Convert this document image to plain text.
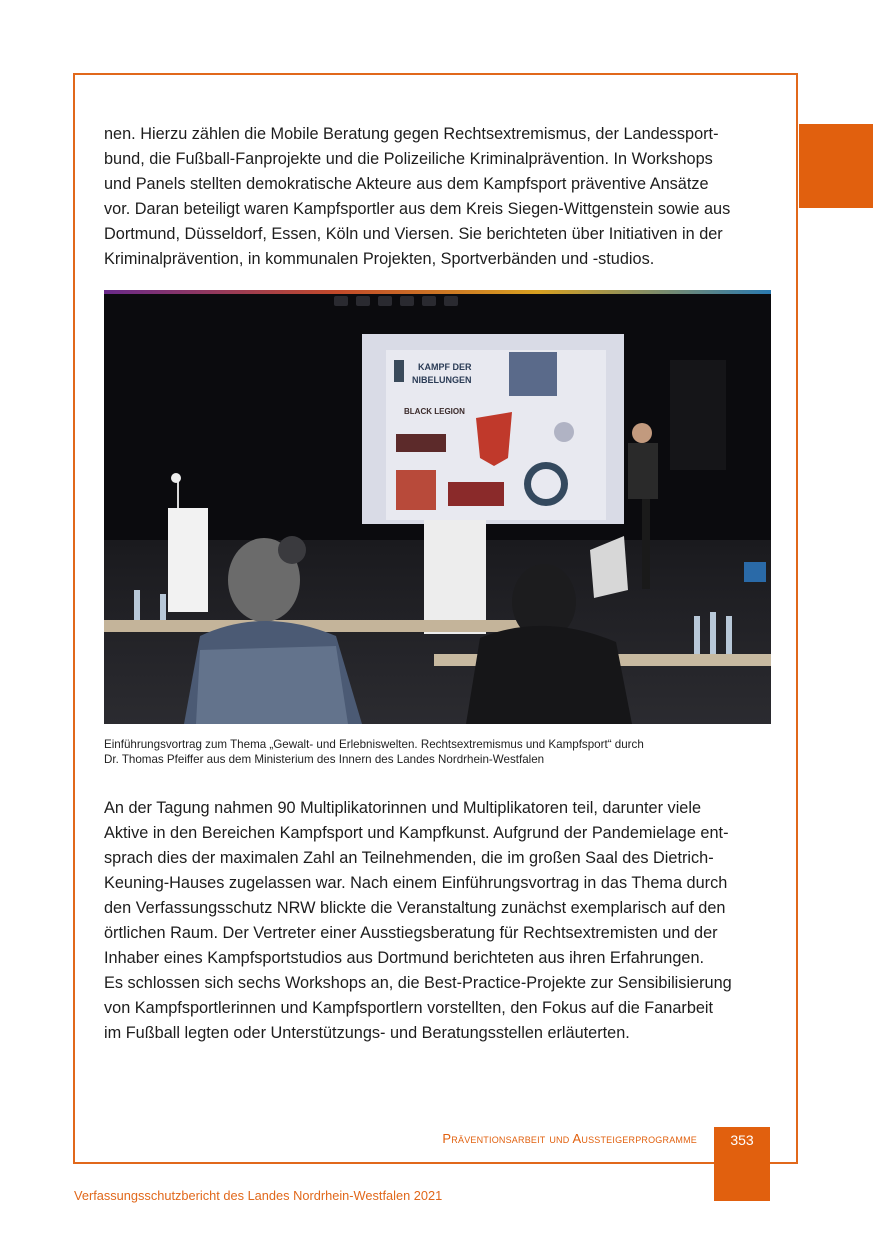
nen. Hierzu zählen die Mobile Beratung gegen Rechtsextremismus, der Landessport-
bund, die Fußball-Fanprojekte und die Polizeiliche Kriminalprävention. In Workshops
und Panels stellten demokratische Akteure aus dem Kampfsport präventive Ansätze
vor. Daran beteiligt waren Kampfsportler aus dem Kreis Siegen-Wittgenstein sowie aus
Dortmund, Düsseldorf, Essen, Köln und Viersen. Sie berichteten über Initiativen in der
Kriminalprävention, in kommunalen Projekten, Sportverbänden und -studios.
KAMPF DER
NIBELUNGEN
BLACK LEGION
Einführungsvortrag zum Thema „Gewalt- und Erlebniswelten. Rechtsextremismus und Kampfsport“ durch
Dr. Thomas Pfeiffer aus dem Ministerium des Innern des Landes Nordrhein-Westfalen
An der Tagung nahmen 90 Multiplikatorinnen und Multiplikatoren teil, darunter viele
Aktive in den Bereichen Kampfsport und Kampfkunst. Aufgrund der Pandemielage ent-
sprach dies der maximalen Zahl an Teilnehmenden, die im großen Saal des Dietrich-
Keuning-Hauses zugelassen war. Nach einem Einführungsvortrag in das Thema durch
den Verfassungsschutz NRW blickte die Veranstaltung zunächst exemplarisch auf den
örtlichen Raum. Der Vertreter einer Ausstiegsberatung für Rechtsextremisten und der
Inhaber eines Kampfsportstudios aus Dortmund berichteten aus ihren Erfahrungen.
Es schlossen sich sechs Workshops an, die Best-Practice-Projekte zur Sensibilisierung
von Kampfsportlerinnen und Kampfsportlern vorstellten, den Fokus auf die Fanarbeit
im Fußball legten oder Unterstützungs- und Beratungsstellen erläuterten.
Präventionsarbeit und Aussteigerprogramme	353
Verfassungsschutzbericht des Landes Nordrhein-Westfalen 2021
